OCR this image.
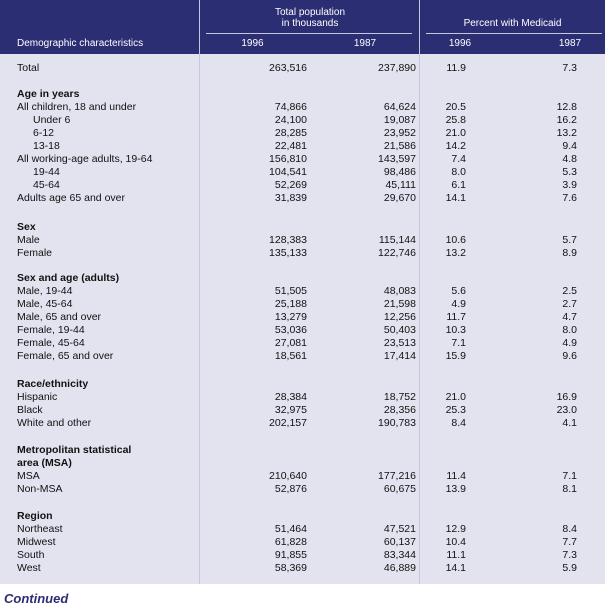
Total population
in thousands	Percent with Medicaid
Demographic characteristics	1996	1987	1996	1987
Total	263,516	237,890	11.9	7.3
Age in years
All children, 18 and under	74,866	64,624	20.5	12.8
Under 6	24,100	19,087	25.8	16.2
6-12	28,285	23,952	21.0	13.2
13-18	22,481	21,586	14.2	9.4
All working-age adults, 19-64	156,810	143,597	7.4	4.8
19-44	104,541	98,486	8.0	5.3
45-64	52,269	45,111	6.1	3.9
Adults age 65 and over	31,839	29,670	14.1	7.6
Sex
Male	128,383	115,144	10.6	5.7
Female	135,133	122,746	13.2	8.9
Sex and age (adults)
Male, 19-44	51,505	48,083	5.6	2.5
Male, 45-64	25,188	21,598	4.9	2.7
Male, 65 and over	13,279	12,256	11.7	4.7
Female, 19-44	53,036	50,403	10.3	8.0
Female, 45-64	27,081	23,513	7.1	4.9
Female, 65 and over	18,561	17,414	15.9	9.6
Race/ethnicity
Hispanic	28,384	18,752	21.0	16.9
Black	32,975	28,356	25.3	23.0
White and other	202,157	190,783	8.4	4.1
Metropolitan statistical
area (MSA)
MSA	210,640	177,216	11.4	7.1
Non-MSA	52,876	60,675	13.9	8.1
Region
Northeast	51,464	47,521	12.9	8.4
Midwest	61,828	60,137	10.4	7.7
South	91,855	83,344	11.1	7.3
West	58,369	46,889	14.1	5.9
Continued
